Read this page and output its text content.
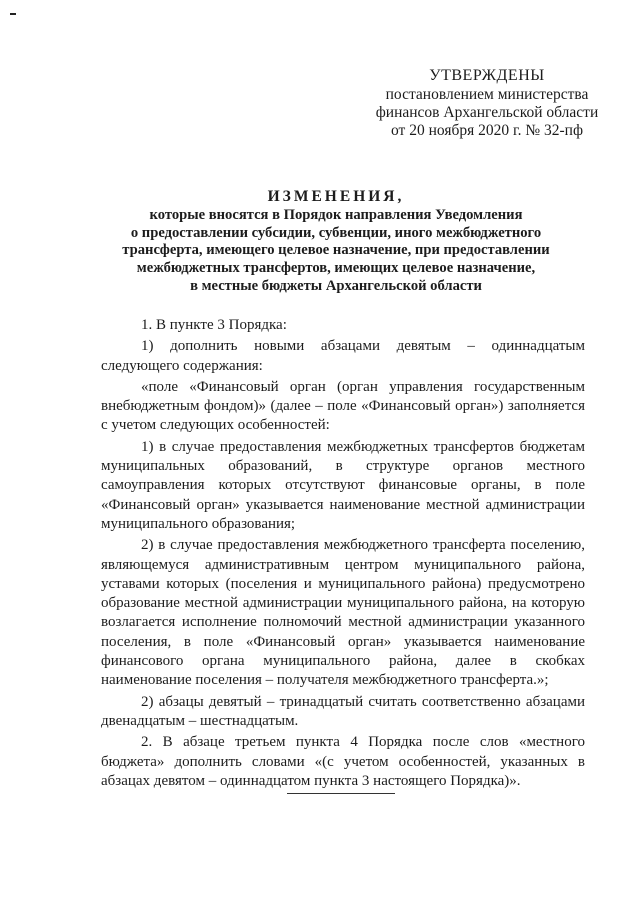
УТВЕРЖДЕНЫ
постановлением министерства
финансов Архангельской области
от 20 ноября 2020 г. № 32-пф
ИЗМЕНЕНИЯ,
которые вносятся в Порядок направления Уведомления
о предоставлении субсидии, субвенции, иного межбюджетного
трансферта, имеющего целевое назначение, при предоставлении
межбюджетных трансфертов, имеющих целевое назначение,
в местные бюджеты Архангельской области

1. В пункте 3 Порядка:

1) дополнить новыми абзацами девятым – одиннадцатым следующего содержания:

«поле «Финансовый орган (орган управления государственным внебюджетным фондом)» (далее – поле «Финансовый орган») заполняется с учетом следующих особенностей:

1) в случае предоставления межбюджетных трансфертов бюджетам муниципальных образований, в структуре органов местного самоуправления которых отсутствуют финансовые органы, в поле «Финансовый орган» указывается наименование местной администрации муниципального образования;

2) в случае предоставления межбюджетного трансферта поселению, являющемуся административным центром муниципального района, уставами которых (поселения и муниципального района) предусмотрено образование местной администрации муниципального района, на которую возлагается исполнение полномочий местной администрации указанного поселения, в поле «Финансовый орган» указывается наименование финансового органа муниципального района, далее в скобках наименование поселения – получателя межбюджетного трансферта.»;

2) абзацы девятый – тринадцатый считать соответственно абзацами двенадцатым – шестнадцатым.

2. В абзаце третьем пункта 4 Порядка после слов «местного бюджета» дополнить словами «(с учетом особенностей, указанных в абзацах девятом – одиннадцатом пункта 3 настоящего Порядка)».
